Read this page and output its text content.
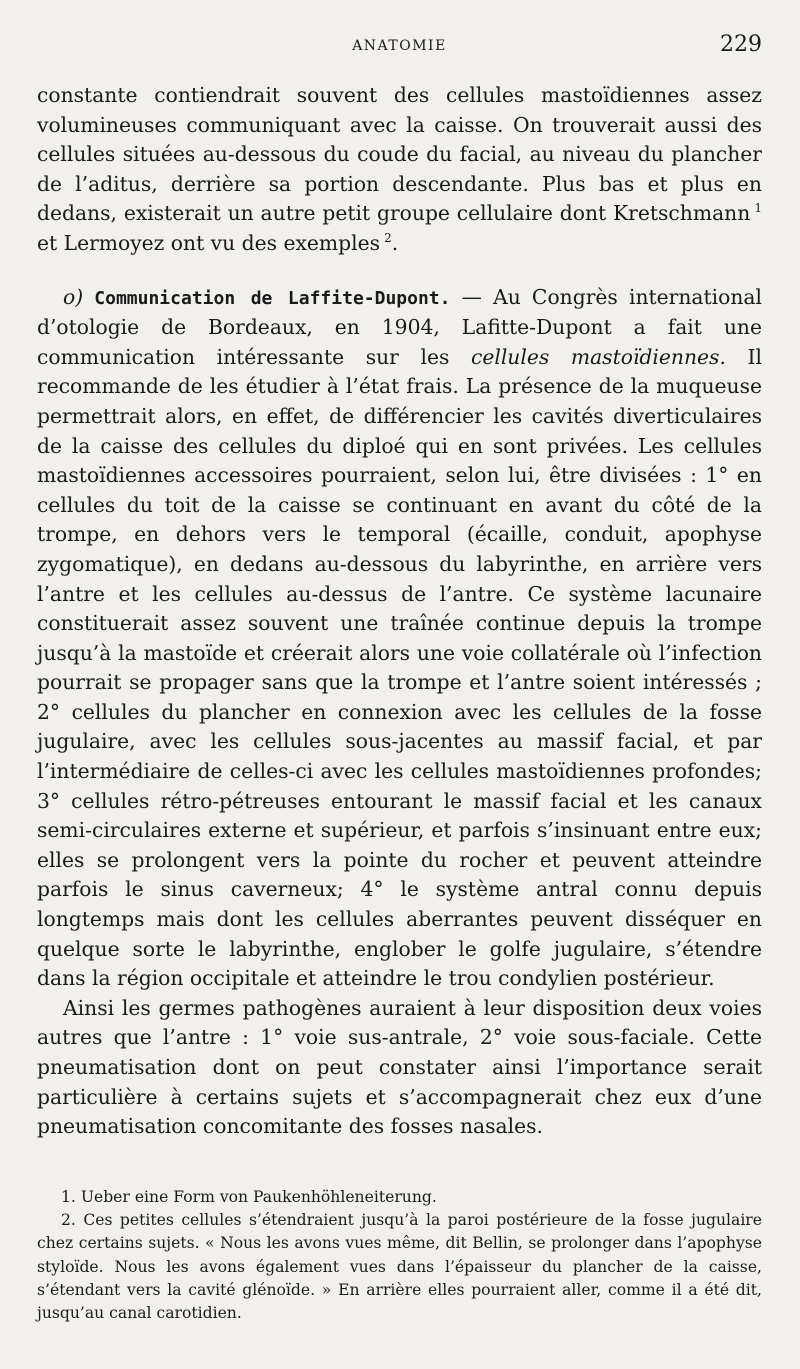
ANATOMIE	229

constante contiendrait souvent des cellules mastoïdiennes assez volumineuses communiquant avec la caisse. On trouverait aussi des cellules situées au-dessous du coude du facial, au niveau du plancher de l’aditus, derrière sa portion descendante. Plus bas et plus en dedans, existerait un autre petit groupe cellulaire dont Kretschmann  $^1$ et Lermoyez ont vu des exemples  $^2$.

o) Communication de Laffite-Dupont. — Au Congrès international d’otologie de Bordeaux, en 1904, Lafitte-Dupont a fait une communication intéressante sur les cellules mastoïdiennes. Il recommande de les étudier à l’état frais. La présence de la muqueuse permettrait alors, en effet, de différencier les cavités diverticulaires de la caisse des cellules du diploé qui en sont privées. Les cellules mastoïdiennes accessoires pourraient, selon lui, être divisées : 1° en cellules du toit de la caisse se continuant en avant du côté de la trompe, en dehors vers le temporal (écaille, conduit, apophyse zygomatique), en dedans au-dessous du labyrinthe, en arrière vers l’antre et les cellules au-dessus de l’antre. Ce système lacunaire constituerait assez souvent une traînée continue depuis la trompe jusqu’à la mastoïde et créerait alors une voie collatérale où l’infection pourrait se propager sans que la trompe et l’antre soient intéressés ; 2° cellules du plancher en connexion avec les cellules de la fosse jugulaire, avec les cellules sous-jacentes au massif facial, et par l’intermédiaire de celles-ci avec les cellules mastoïdiennes profondes; 3° cellules rétro-pétreuses entourant le massif facial et les canaux semi-circulaires externe et supérieur, et parfois s’insinuant entre eux; elles se prolongent vers la pointe du rocher et peuvent atteindre parfois le sinus caverneux; 4° le système antral connu depuis longtemps mais dont les cellules aberrantes peuvent disséquer en quelque sorte le labyrinthe, englober le golfe jugulaire, s’étendre dans la région occipitale et atteindre le trou condylien postérieur.

Ainsi les germes pathogènes auraient à leur disposition deux voies autres que l’antre : 1° voie sus-antrale, 2° voie sous-faciale. Cette pneumatisation dont on peut constater ainsi l’importance serait particulière à certains sujets et s’accompagnerait chez eux d’une pneumatisation concomitante des fosses nasales.

1. Ueber eine Form von Paukenhöhleneiterung.

2. Ces petites cellules s’étendraient jusqu’à la paroi postérieure de la fosse jugulaire chez certains sujets. « Nous les avons vues même, dit Bellin, se prolonger dans l’apophyse styloïde. Nous les avons également vues dans l’épaisseur du plancher de la caisse, s’étendant vers la cavité glénoïde. » En arrière elles pourraient aller, comme il a été dit, jusqu’au canal carotidien.
